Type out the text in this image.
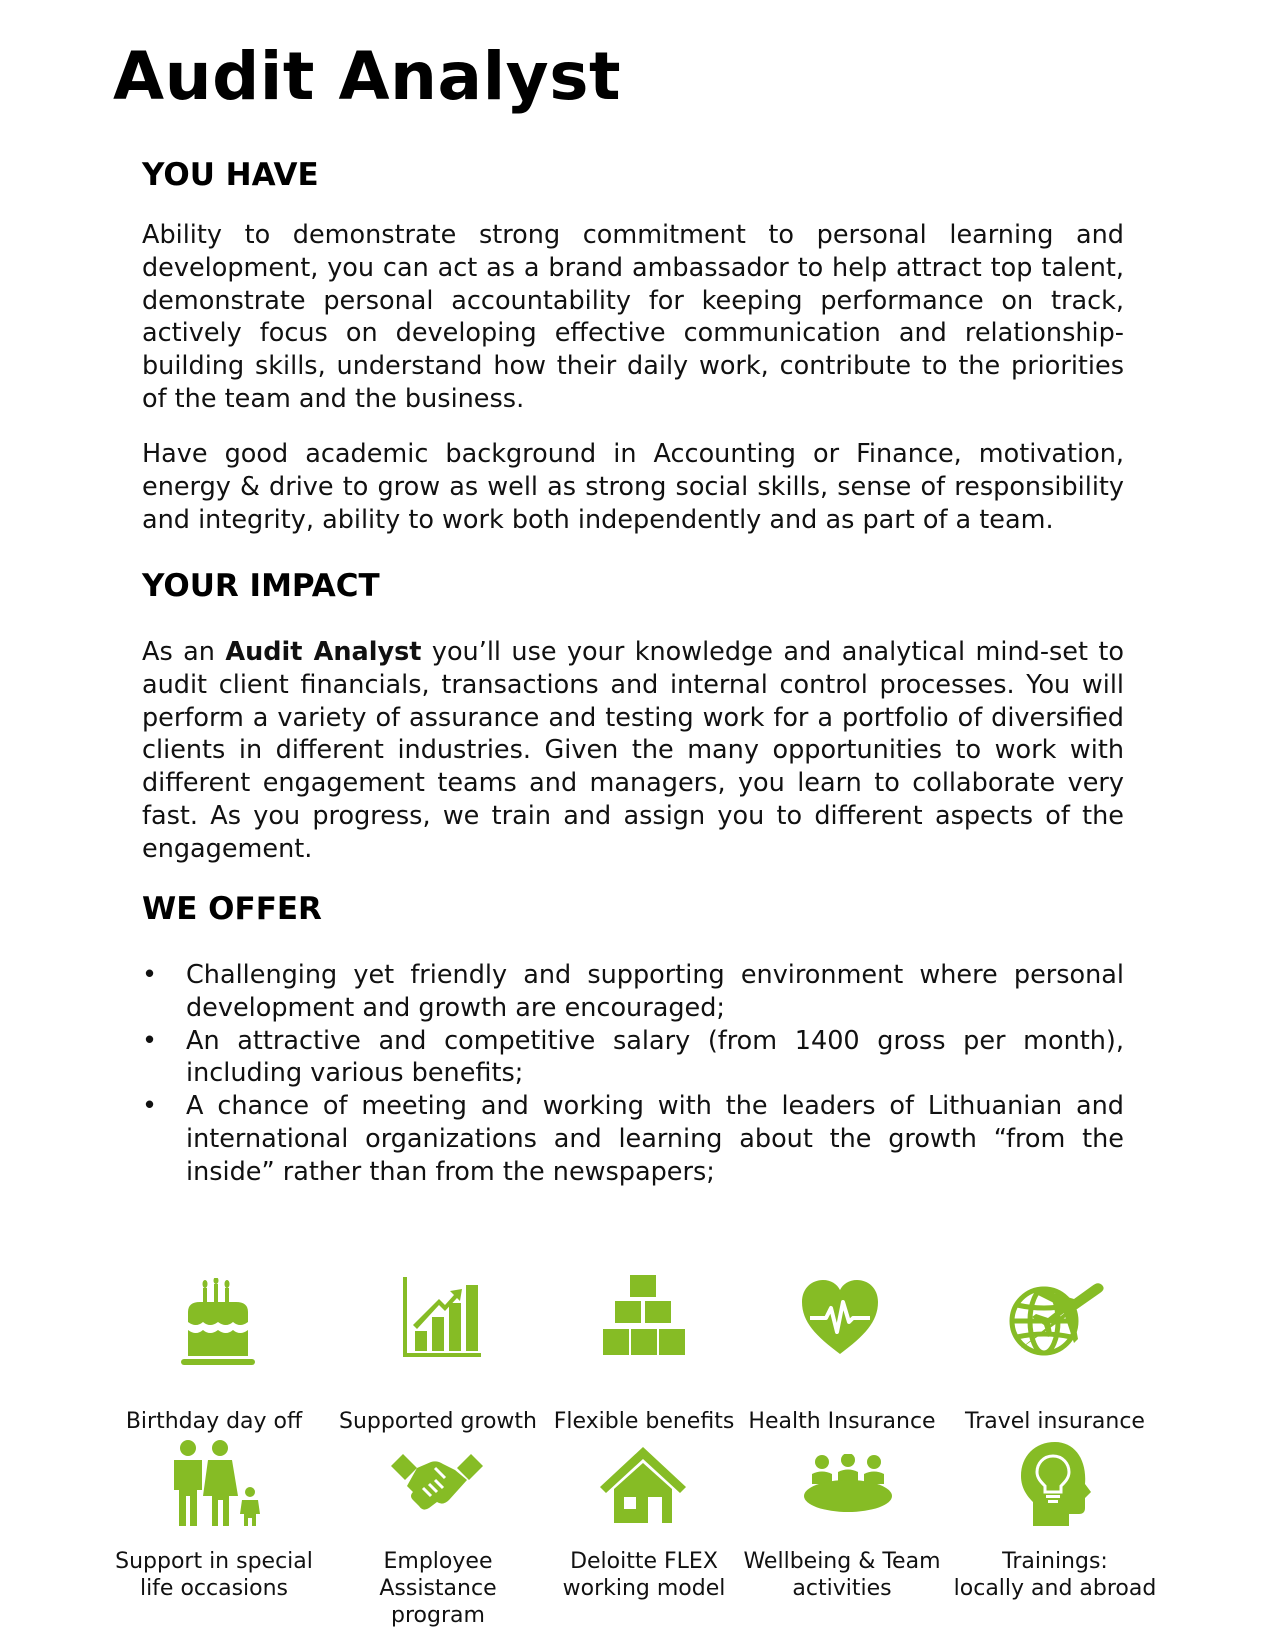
Audit Analyst
YOU HAVE

Ability to demonstrate strong commitment to personal learning and development, you can act as a brand ambassador to help attract top talent, demonstrate personal accountability for keeping performance on track, actively focus on developing effective communication and relationship-building skills, understand how their daily work, contribute to the priorities of the team and the business.

Have good academic background in Accounting or Finance, motivation, energy & drive to grow as well as strong social skills, sense of responsibility and integrity, ability to work both independently and as part of a team.

YOUR IMPACT

As an Audit Analyst you’ll use your knowledge and analytical mind-set to audit client financials, transactions and internal control processes. You will perform a variety of assurance and testing work for a portfolio of diversified clients in different industries. Given the many opportunities to work with different engagement teams and managers, you learn to collaborate very fast. As you progress, we train and assign you to different aspects of the engagement.

WE OFFER
• Challenging yet friendly and supporting environment where personal development and growth are encouraged;
• An attractive and competitive salary (from 1400 gross per month), including various benefits;
• A chance of meeting and working with the leaders of Lithuanian and international organizations and learning about the growth “from the inside” rather than from the newspapers;
Birthday day off	Supported growth Flexible benefits Health Insurance	Travel insurance
Support in special
life occasions
Employee Assistance
program
Deloitte FLEX
working model
Wellbeing & Team
activities
Trainings:
locally and abroad
